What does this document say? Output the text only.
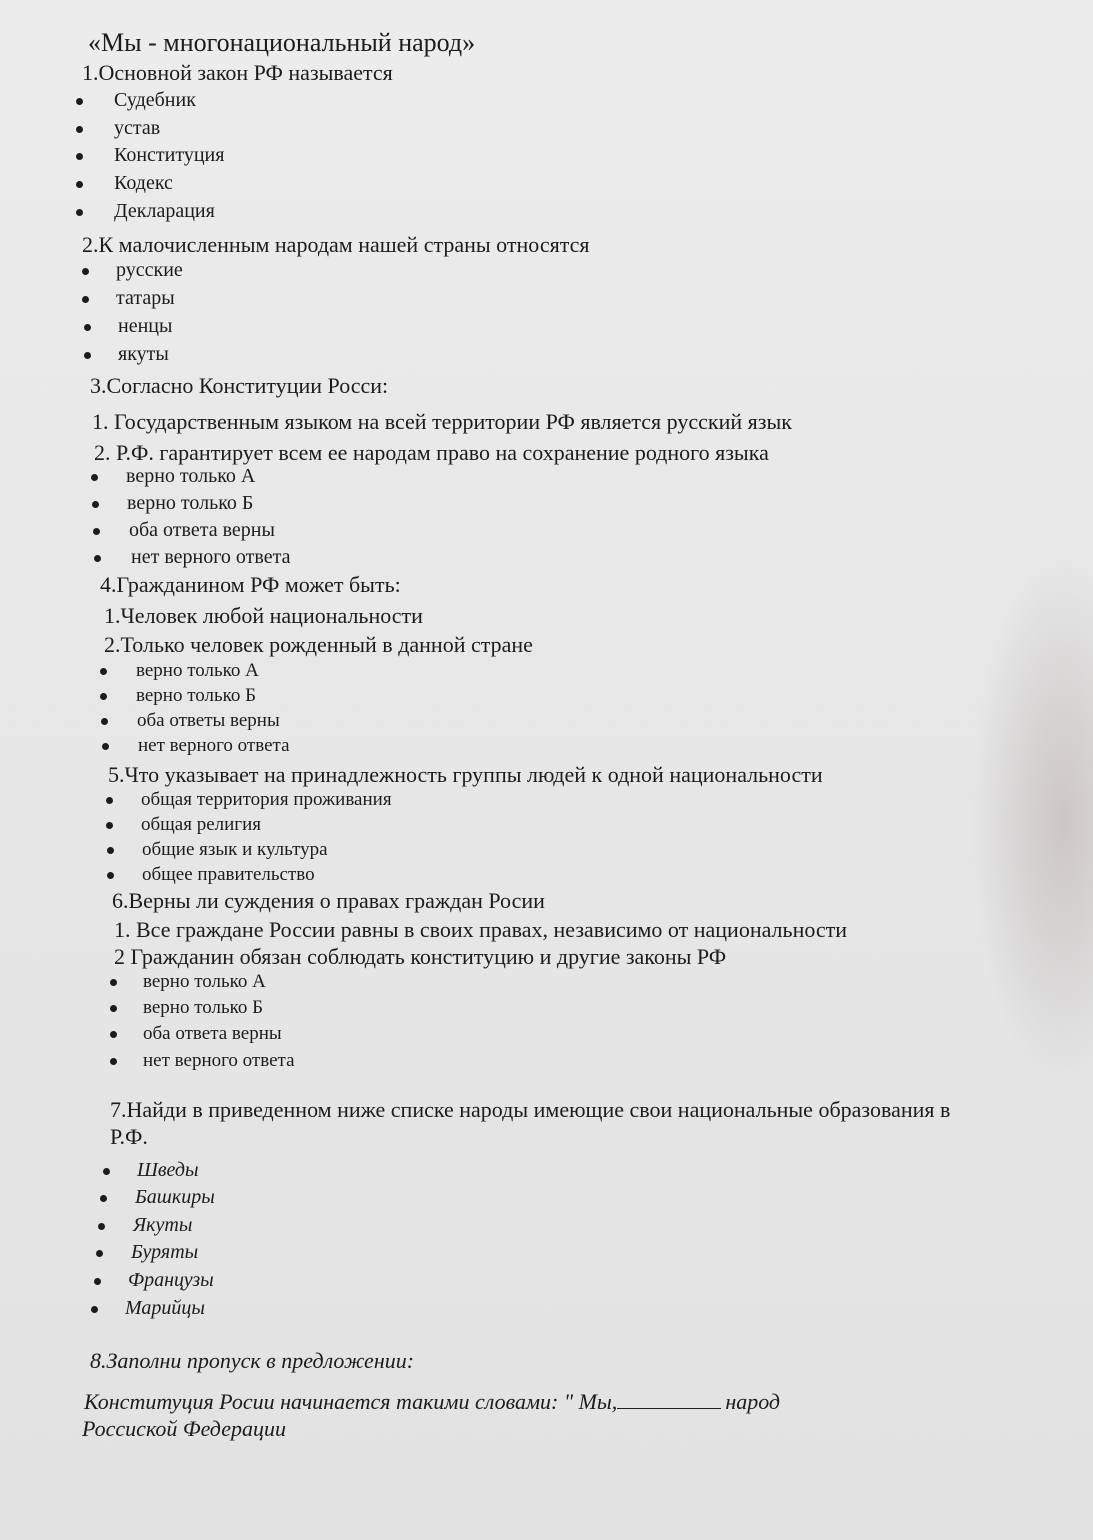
«Мы - многонациональный народ»
1.Основной закон РФ называется
Судебник
устав
Конституция
Кодекс
Декларация
2.К малочисленным народам нашей страны относятся
русские
татары
ненцы
якуты
3.Согласно Конституции Росси:
1. Государственным языком на всей территории РФ является русский язык
2. Р.Ф. гарантирует всем ее народам право на сохранение родного языка
верно только А
верно только Б
оба ответа верны
нет верного ответа
4.Гражданином РФ может быть:
1.Человек любой национальности
2.Только человек рожденный в данной стране
верно только А
верно только Б
оба ответы верны
нет верного ответа
5.Что указывает на принадлежность группы людей к одной национальности
общая территория проживания
общая религия
общие язык и культура
общее правительство
6.Верны ли суждения о правах граждан Росии
1. Все граждане России равны в своих правах, независимо от национальности
2 Гражданин обязан соблюдать конституцию и другие законы РФ
верно только А
верно только Б
оба ответа верны
нет верного ответа
7.Найди в приведенном ниже списке народы имеющие свои национальные образования в
Р.Ф.
Шведы
Башкиры
Якуты
Буряты
Французы
Марийцы
8.Заполни пропуск в предложении:
Конституция Росии начинается такими словами: " Мы,	народ
Россиской Федерации
